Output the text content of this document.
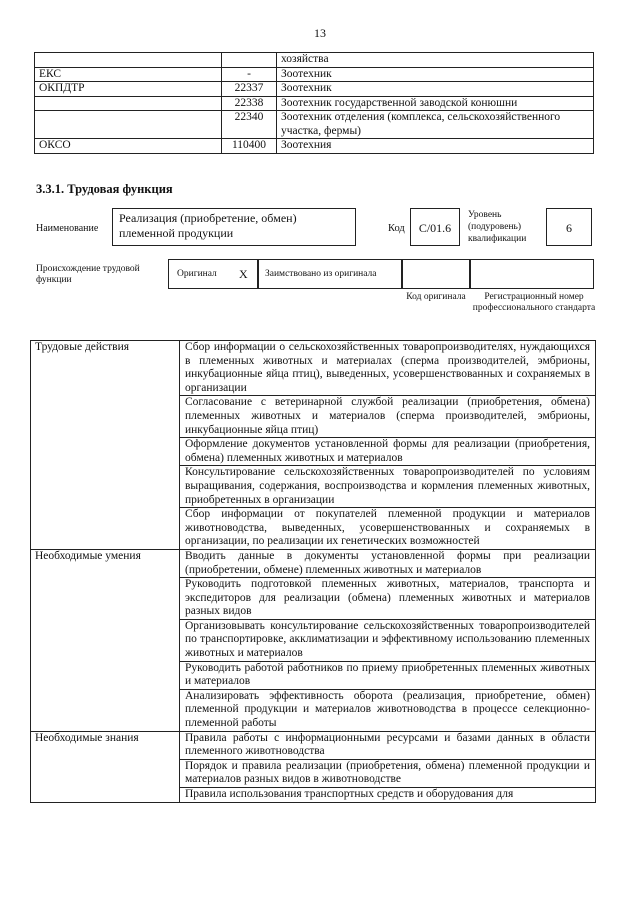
13
		хозяйства
ЕКС	-	Зоотехник
ОКПДТР	22337	Зоотехник
	22338	Зоотехник государственной заводской конюшни
	22340	Зоотехник отделения (комплекса, сельскохозяйственного участка, фермы)
ОКСО	110400	Зоотехния
3.3.1. Трудовая функция
Наименование
Реализация (приобретение, обмен) племенной продукции	Код	C/01.6
Уровень (подуровень) квалификации
6
Происхождение трудовой функции
Оригинал X Заимствовано из оригинала
Код оригинала	Регистрационный номер профессионального стандарта
Трудовые действия	Сбор информации о сельскохозяйственных товаропроизводителях, нуждающихся в племенных животных и материалах (спермa производителей, эмбрионы, инкубационные яйца птиц), выведенных, усовершенствованных и сохраняемых в организации
	Согласование с ветеринарной службой реализации (приобретения, обмена) племенных животных и материалов (спермa производителей, эмбрионы, инкубационные яйца птиц)
	Оформление документов установленной формы для реализации (приобретения, обмена) племенных животных и материалов
	Консультирование сельскохозяйственных товаропроизводителей по условиям выращивания, содержания, воспроизводства и кормления племенных животных, приобретенных в организации
	Сбор информации от покупателей племенной продукции и материалов животноводства, выведенных, усовершенствованных и сохраняемых в организации, по реализации их генетических возможностей
Необходимые умения	Вводить данные в документы установленной формы при реализации (приобретении, обмене) племенных животных и материалов
	Руководить подготовкой племенных животных, материалов, транспорта и экспедиторов для реализации (обмена) племенных животных и материалов разных видов
	Организовывать консультирование сельскохозяйственных товаропроизводителей по транспортировке, акклиматизации и эффективному использованию племенных животных и материалов
	Руководить работой работников по приему приобретенных племенных животных и материалов
	Анализировать эффективность оборота (реализация, приобретение, обмен) племенной продукции и материалов животноводства в процессе селекционно-племенной работы
Необходимые знания	Правила работы с информационными ресурсами и базами данных в области племенного животноводства
	Порядок и правила реализации (приобретения, обмена) племенной продукции и материалов разных видов в животноводстве
	Правила использования транспортных средств и оборудования для
